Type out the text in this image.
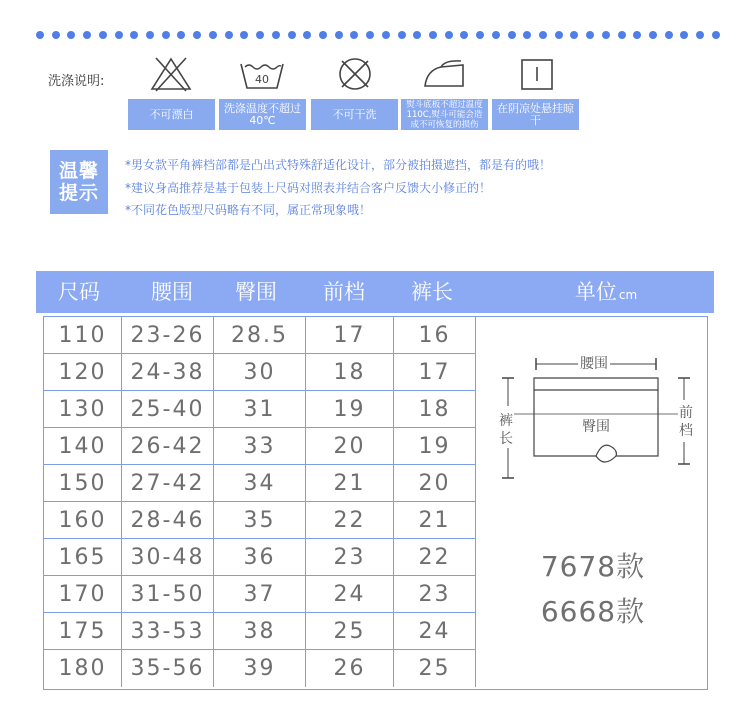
洗涤说明:	40
不可漂白	洗涤温度不超过40℃	不可干洗
熨斗底板不超过温度110C,熨斗可能会造成不可恢复的损伤
在阴凉处悬挂晾干
温馨提示
*男女款平角裤档部都是凸出式特殊舒适化设计，部分被拍摄遮挡，都是有的哦！
*建议身高推荐是基于包装上尺码对照表并结合客户反馈大小修正的！
*不同花色版型尺码略有不同，属正常现象哦！
尺码	腰围	臀围	前档	裤长	单位 cm
腰围
臀围
裤长
前档
7678款
6668款
110	23-26	28.5	17	16
120	24-38	30	18	17
130	25-40	31	19	18
140	26-42	33	20	19
150	27-42	34	21	20
160	28-46	35	22	21
165	30-48	36	23	22
170	31-50	37	24	23
175	33-53	38	25	24
180	35-56	39	26	25
